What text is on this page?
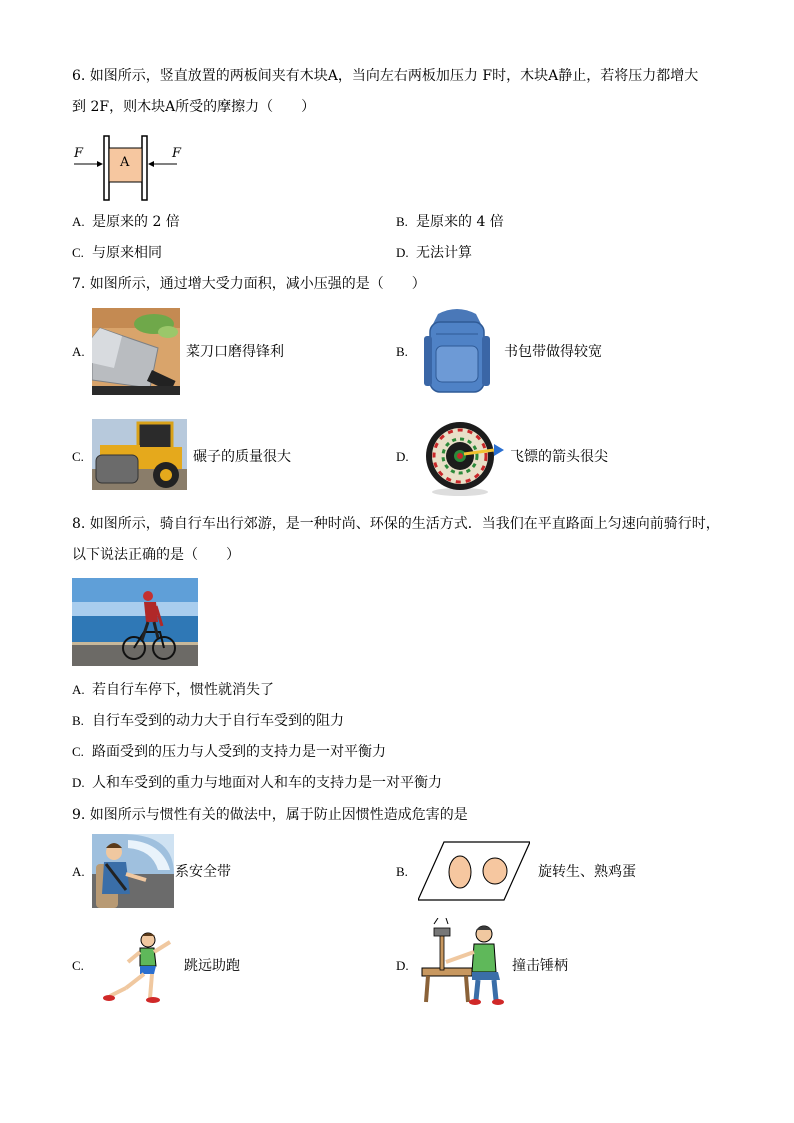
6. 如图所示，竖直放置的两板间夹有木块A，当向左右两板加压力 F时，木块A静止，若将压力都增大
到 2F，则木块A所受的摩擦力（　　）
F	F
A
A. 是原来的 2 倍	B. 是原来的 4 倍
C. 与原来相同	D. 无法计算
7. 如图所示，通过增大受力面积，减小压强的是（　　）
A.	菜刀口磨得锋利	B.	书包带做得较宽
C.	碾子的质量很大	D.	飞镖的箭头很尖
8. 如图所示，骑自行车出行郊游，是一种时尚、环保的生活方式．当我们在平直路面上匀速向前骑行时，
以下说法正确的是（　　）
A. 若自行车停下，惯性就消失了
B. 自行车受到的动力大于自行车受到的阻力
C. 路面受到的压力与人受到的支持力是一对平衡力
D. 人和车受到的重力与地面对人和车的支持力是一对平衡力
9. 如图所示与惯性有关的做法中，属于防止因惯性造成危害的是
A.	系安全带	B.	旋转生、熟鸡蛋
C.	跳远助跑	D.	撞击锤柄
